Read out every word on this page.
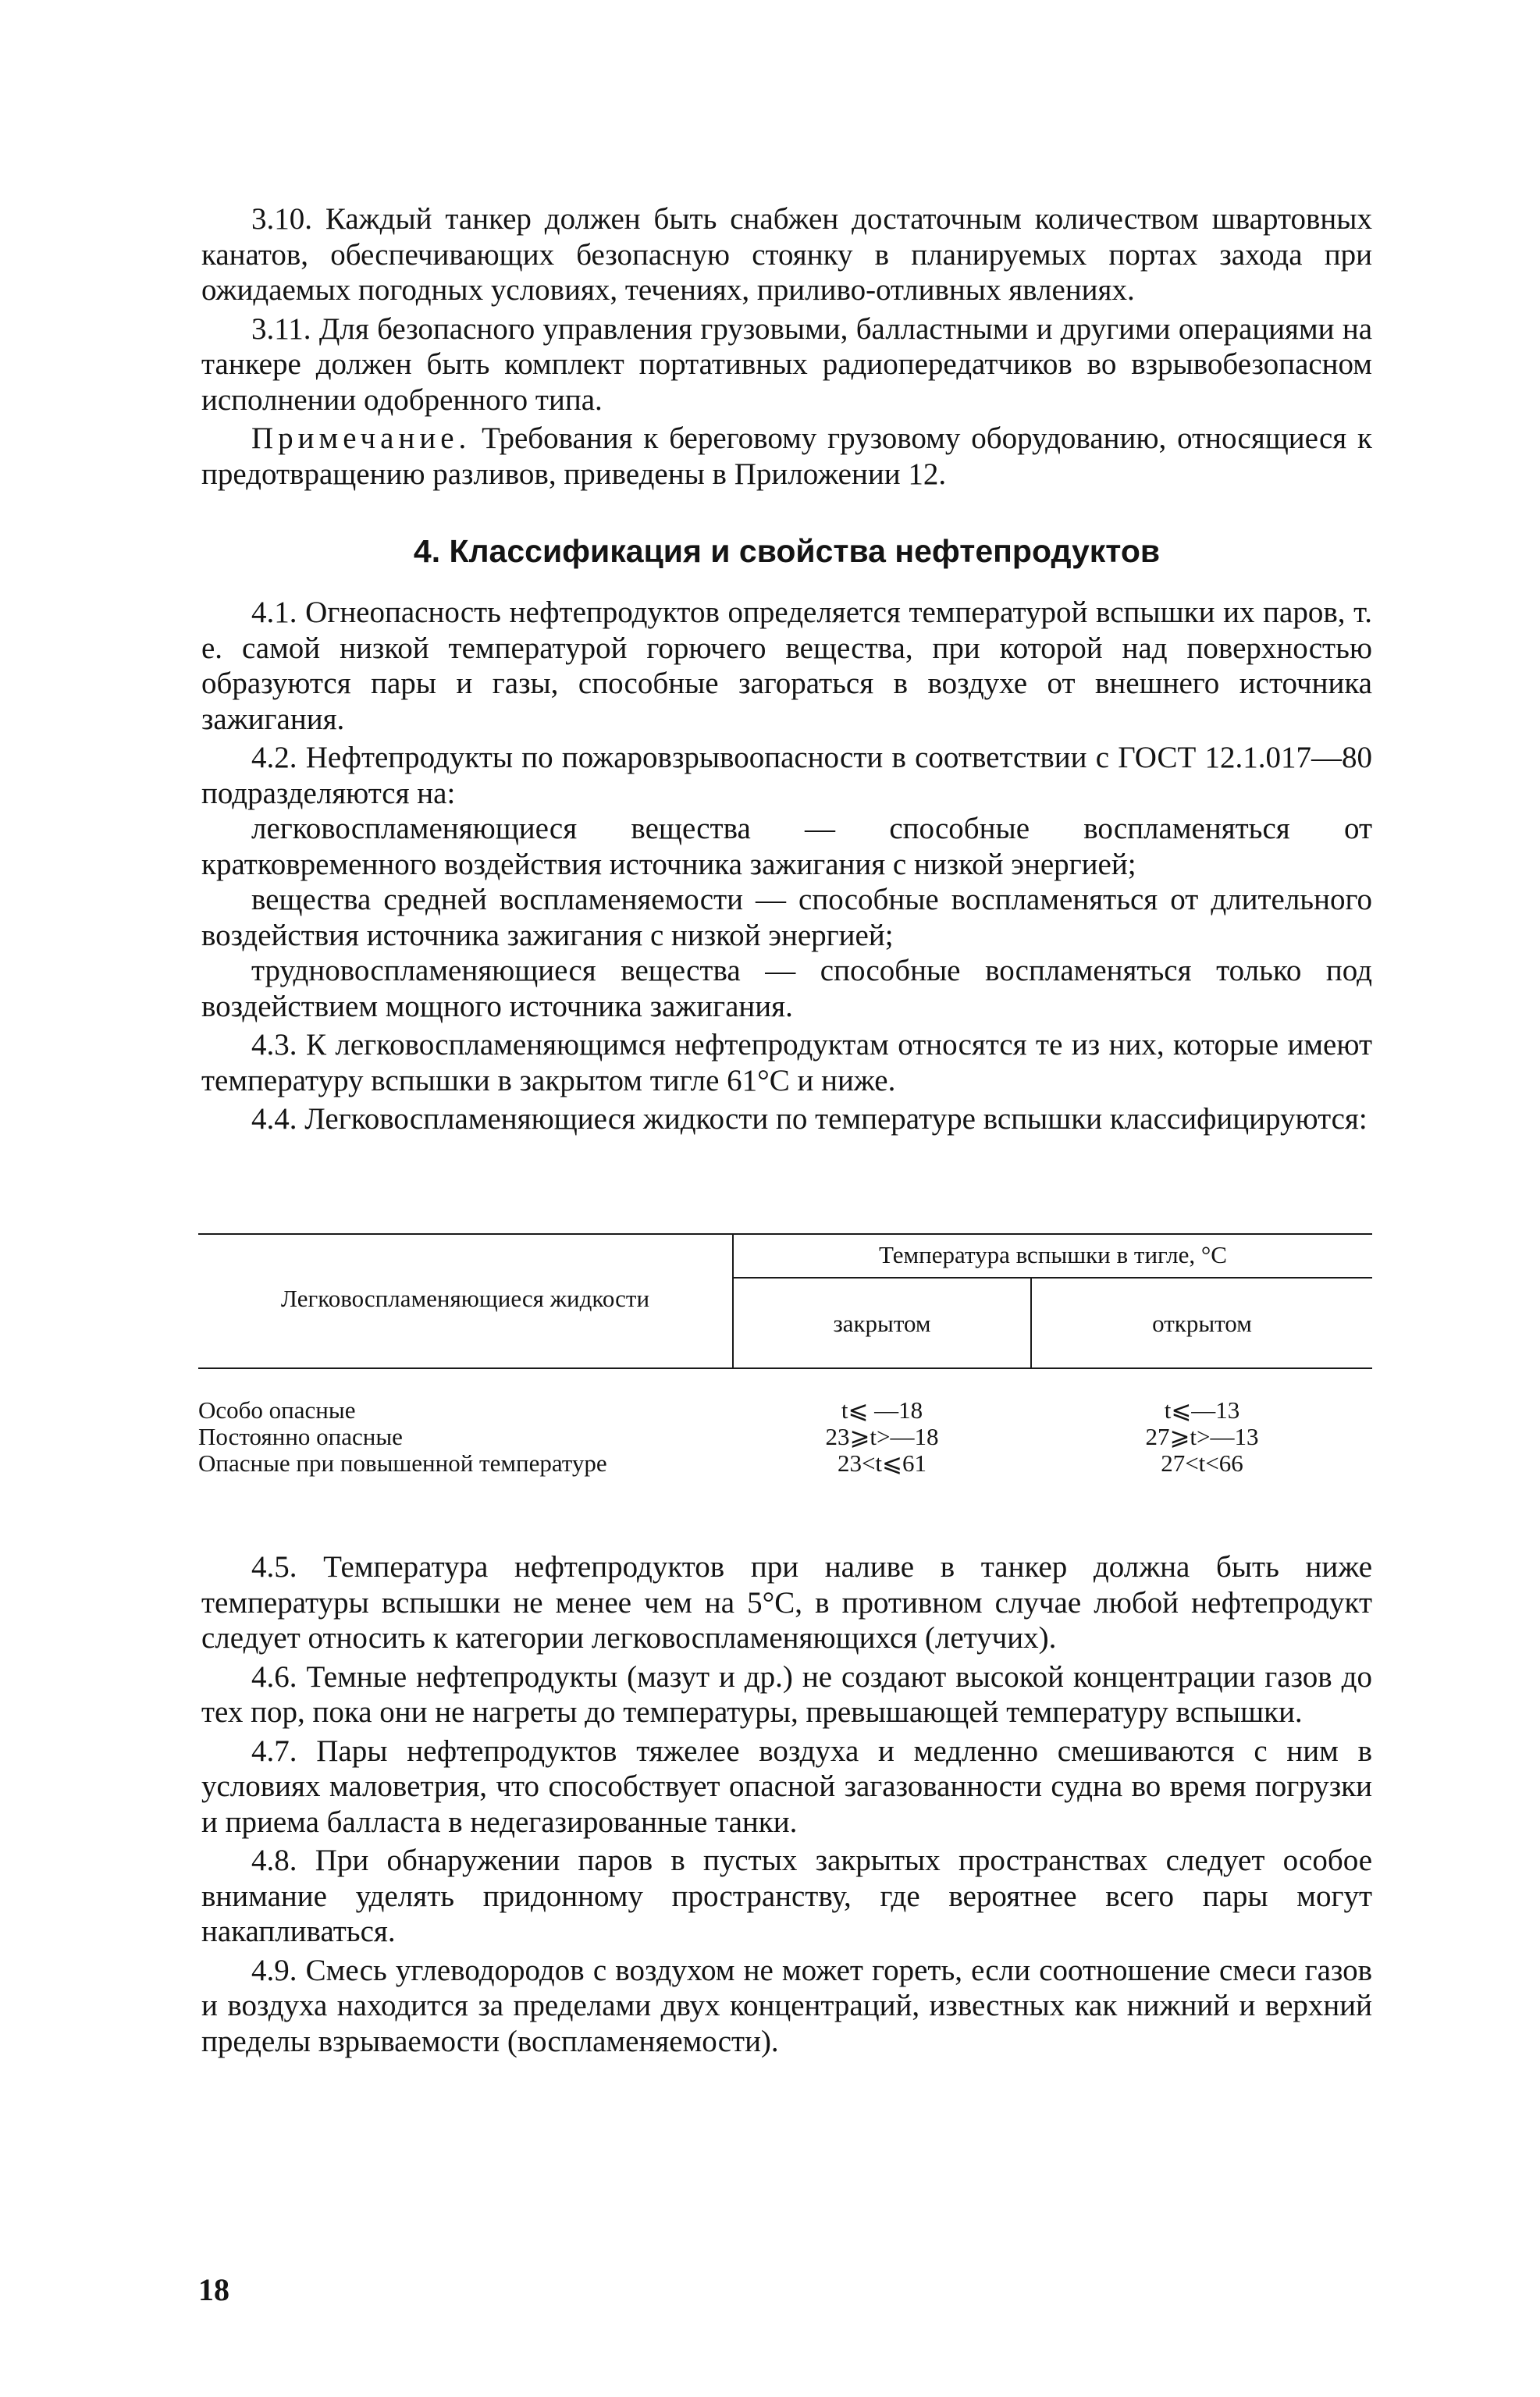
3.10. Каждый танкер должен быть снабжен достаточным количеством швартовных канатов, обеспечивающих безопасную стоянку в планируемых портах захода при ожидаемых погодных условиях, течениях, приливо-отливных явлениях.

3.11. Для безопасного управления грузовыми, балластными и другими операциями на танкере должен быть комплект портативных радиопередатчиков во взрывобезопасном исполнении одобренного типа.

Примечание. Требования к береговому грузовому оборудованию, относящиеся к предотвращению разливов, приведены в Приложении 12.

4. Классификация и свойства нефтепродуктов

4.1. Огнеопасность нефтепродуктов определяется температурой вспышки их паров, т. е. самой низкой температурой горючего вещества, при которой над поверхностью образуются пары и газы, способные загораться в воздухе от внешнего источника зажигания.

4.2. Нефтепродукты по пожаровзрывоопасности в соответствии с ГОСТ 12.1.017—80 подразделяются на:

легковоспламеняющиеся вещества — способные воспламеняться от кратковременного воздействия источника зажигания с низкой энергией;

вещества средней воспламеняемости — способные воспламеняться от длительного воздействия источника зажигания с низкой энергией;

трудновоспламеняющиеся вещества — способные воспламеняться только под воздействием мощного источника зажигания.

4.3. К легковоспламеняющимся нефтепродуктам относятся те из них, которые имеют температуру вспышки в закрытом тигле 61°С и ниже.

4.4. Легковоспламеняющиеся жидкости по температуре вспышки классифицируются:

Легковоспламеняющиеся жидкости
Температура вспышки в тигле, °С
закрытом	открытом
Особо опасные	t⩽ —18	t⩽—13
Постоянно опасные	23⩾t>—18	27⩾t>—13
Опасные при повышенной температуре	23<t⩽61	27<t<66

4.5. Температура нефтепродуктов при наливе в танкер должна быть ниже температуры вспышки не менее чем на 5°С, в противном случае любой нефтепродукт следует относить к категории легковоспламеняющихся (летучих).

4.6. Темные нефтепродукты (мазут и др.) не создают высокой концентрации газов до тех пор, пока они не нагреты до температуры, превышающей температуру вспышки.

4.7. Пары нефтепродуктов тяжелее воздуха и медленно смешиваются с ним в условиях маловетрия, что способствует опасной загазованности судна во время погрузки и приема балласта в недегазированные танки.

4.8. При обнаружении паров в пустых закрытых пространствах следует особое внимание уделять придонному пространству, где вероятнее всего пары могут накапливаться.

4.9. Смесь углеводородов с воздухом не может гореть, если соотношение смеси газов и воздуха находится за пределами двух концентраций, известных как нижний и верхний пределы взрываемости (воспламеняемости).

18
